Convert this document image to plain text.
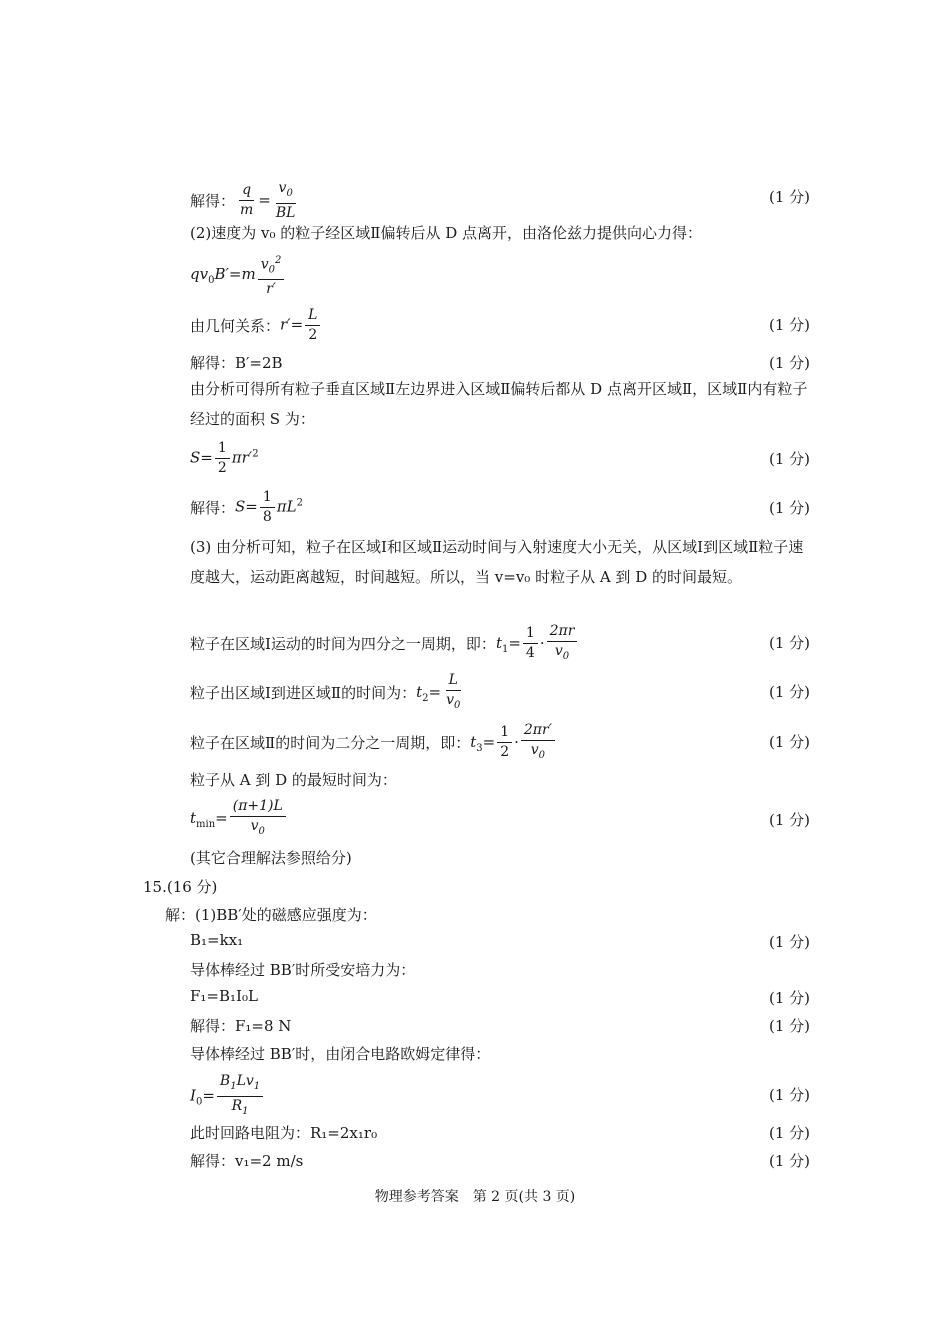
解得： $\frac{q}{m} = \frac{v_0}{BL}$	(1 分)
(2)速度为 v₀ 的粒子经区域Ⅱ偏转后从 D 点离开，由洛伦兹力提供向心力得：
$qv_0B'=m \frac{v_0^2}{r'}$
由几何关系：$r'= \frac{L}{2}$	(1 分)
解得：B′=2B	(1 分)
由分析可得所有粒子垂直区域Ⅱ左边界进入区域Ⅱ偏转后都从 D 点离开区域Ⅱ，区域Ⅱ内有粒子经过的面积 S 为：
$S= \frac{1}{2} \pi r'^2$	(1 分)
解得：$S= \frac{1}{8} \pi L^2$	(1 分)
(3) 由分析可知，粒子在区域Ⅰ和区域Ⅱ运动时间与入射速度大小无关，从区域Ⅰ到区域Ⅱ粒子速度越大，运动距离越短，时间越短。所以，当 v=v₀ 时粒子从 A 到 D 的时间最短。
粒子在区域Ⅰ运动的时间为四分之一周期，即：$t_1= \frac{1}{4} \cdot \frac{2\pi r}{v_0}$	(1 分)
粒子出区域Ⅰ到进区域Ⅱ的时间为：$t_2= \frac{L}{v_0}$	(1 分)
粒子在区域Ⅱ的时间为二分之一周期，即：$t_3= \frac{1}{2} \cdot \frac{2\pi r'}{v_0}$	(1 分)
粒子从 A 到 D 的最短时间为：
$t_{min}= \frac{(\pi+1)L}{v_0}$	(1 分)
(其它合理解法参照给分)
15.(16 分)
解：(1)BB′处的磁感应强度为：
B₁=kx₁	(1 分)
导体棒经过 BB′时所受安培力为：
F₁=B₁I₀L	(1 分)
解得：F₁=8 N	(1 分)
导体棒经过 BB′时，由闭合电路欧姆定律得：
$I_0= \frac{B_1Lv_1}{R_1}$	(1 分)
此时回路电阻为：R₁=2x₁r₀	(1 分)
解得：v₁=2 m/s	(1 分)
物理参考答案　第 2 页(共 3 页)
